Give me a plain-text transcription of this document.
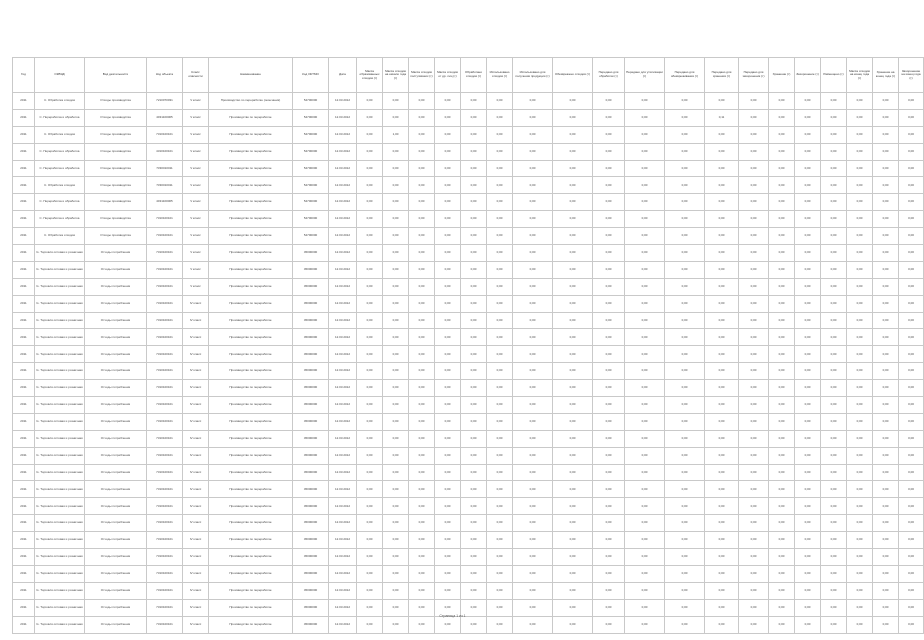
Год	ОКВЭД	Вид деятельности	Код объекта	Класс опасности	Наименование	Код ОКТМО	Дата	Масса образованных отходов (т)	Масса отходов на начало года (т)	Масса отходов поступивших (т)	Масса отходов от др. лиц (т)	Обработано отходов (т)	Использовано отходов (т)	Использовано для получения продукции (т)	Обезврежено отходов (т)	Передано для обработки (т)	Передано для утилизации (т)	Передано для обезвреживания (т)	Передано для хранения (т)	Передано для захоронения (т)	Хранение (т)	Захоронение (т)	Размещено (т)	Масса отходов на конец года (т)	Хранение на конец года (т)	Захоронение на конец года (т)
2011	С. Обработка отходов	Отходы производства	7210070031	V класс	Производство по переработке (окончания)	54700000	12.03.2012	0,00	0,00	0,00	0,00	0,00	0,00	0,00	0,00	0,00	0,00	0,00	0,00	0,00	0,00	0,00	0,00	0,00	0,00	0,00
2011	С. Переработка и обработка	Отходы производства	4031100005	V класс	Производство по переработке	54700000	12.03.2012	0,00	0,00	0,00	0,00	0,00	0,00	0,00	0,00	0,00	0,00	0,00	0,11	0,00	0,00	0,00	0,00	0,00	0,00	0,00
2011	С. Обработка отходов	Отходы производства	7310100101	V класс	Производство по переработке	54700000	12.03.2012	0,00	1,00	0,00	0,00	0,00	0,00	0,00	0,00	0,00	0,00	0,00	0,00	0,00	0,00	0,00	0,00	0,00	0,00	0,00
2011	С. Переработка и обработка	Отходы производства	4310100101	V класс	Производство по переработке	54700000	12.03.2012	0,00	0,00	0,00	0,00	0,00	0,00	0,00	0,00	0,00	0,00	0,00	0,00	0,00	0,00	0,00	0,00	0,00	0,00	0,00
2011	С. Переработка и обработка	Отходы производства	7330010011	V класс	Производство по переработке	54700000	12.03.2012	0,00	0,00	0,00	0,00	0,00	0,00	0,00	0,00	0,00	0,00	0,00	0,00	0,00	0,00	0,00	0,00	0,00	0,00	0,00
2011	С. Обработка отходов	Отходы производства	7330010011	V класс	Производство по переработке	54700000	12.03.2012	0,00	0,00	0,00	0,00	0,00	0,00	0,00	0,00	0,00	0,00	0,00	0,00	0,00	0,00	0,00	0,00	0,00	0,00	0,00
2011	С. Переработка и обработка	Отходы производства	4031100005	V класс	Производство по переработке	54700000	12.03.2012	0,00	0,00	0,00	0,00	0,00	0,00	0,00	0,00	0,00	0,00	0,00	0,00	0,00	0,00	0,00	0,00	0,00	0,00	0,00
2011	С. Переработка и обработка	Отходы производства	7310100101	V класс	Производство по переработке	54700000	12.03.2012	0,00	0,00	0,00	0,00	0,00	0,00	0,00	0,00	0,00	0,00	0,00	0,00	0,00	0,00	0,00	0,00	0,00	0,00	0,00
2011	С. Обработка отходов	Отходы производства	7310100101	V класс	Производство по переработке	54700000	12.03.2012	0,00	0,00	0,00	0,00	0,00	0,00	0,00	0,00	0,00	0,00	0,00	0,00	0,00	0,00	0,00	0,00	0,00	0,00	0,00
2011	G. Торговля оптовая и розничная	Отходы потребления	7310100101	V класс	Производство по переработке	45000000	12.03.2012	0,00	0,00	0,00	0,00	0,00	0,00	0,00	0,00	0,00	0,00	0,00	0,00	0,00	0,00	0,00	0,00	0,00	0,00	0,00
2011	G. Торговля оптовая и розничная	Отходы потребления	7310100101	V класс	Производство по переработке	45000000	12.03.2012	0,00	0,00	0,00	0,00	0,00	0,00	0,00	0,00	0,00	0,00	0,00	0,00	0,00	0,00	0,00	0,00	0,00	0,00	0,00
2011	G. Торговля оптовая и розничная	Отходы потребления	7310100101	V класс	Производство по переработке	45000000	12.03.2012	0,00	0,00	0,00	0,00	0,00	0,00	0,00	0,00	0,00	0,00	0,00	0,00	0,00	0,00	0,00	0,00	0,00	0,00	0,00
2011	G. Торговля оптовая и розничная	Отходы потребления	7310100101	IV класс	Производство по переработке	45000000	12.03.2012	0,00	0,00	0,00	0,00	0,00	0,00	0,00	0,00	0,00	0,00	0,00	0,00	0,00	0,00	0,00	0,00	0,00	0,00	0,00
2011	G. Торговля оптовая и розничная	Отходы потребления	7310100101	IV класс	Производство по переработке	45000000	12.03.2012	0,00	0,00	0,00	0,00	0,00	0,00	0,00	0,00	0,00	0,00	0,00	0,00	0,00	0,00	0,00	0,00	0,00	0,00	0,00
2011	G. Торговля оптовая и розничная	Отходы потребления	7310100101	IV класс	Производство по переработке	45000000	12.03.2012	0,00	0,00	0,00	0,00	0,00	0,00	0,00	0,00	0,00	0,00	0,00	0,00	0,00	0,00	0,00	0,00	0,00	0,00	0,00
2011	G. Торговля оптовая и розничная	Отходы потребления	7310100101	IV класс	Производство по переработке	45000000	12.03.2012	0,00	0,00	0,00	0,00	0,00	0,00	0,00	0,00	0,00	0,00	0,00	0,00	0,00	0,00	0,00	0,00	0,00	0,00	0,00
2011	G. Торговля оптовая и розничная	Отходы потребления	7310100101	IV класс	Производство по переработке	45000000	12.03.2012	0,00	0,00	0,00	0,00	0,00	0,00	0,00	0,00	0,00	0,00	0,00	0,00	0,00	0,00	0,00	0,00	0,00	0,00	0,00
2011	G. Торговля оптовая и розничная	Отходы потребления	7310100101	IV класс	Производство по переработке	45000000	12.03.2012	0,00	0,00	0,00	0,00	0,00	0,00	0,00	0,00	0,00	0,00	0,00	0,00	0,00	0,00	0,00	0,00	0,00	0,00	0,00
2011	G. Торговля оптовая и розничная	Отходы потребления	7310100101	IV класс	Производство по переработке	45000000	12.03.2012	0,00	0,00	0,00	0,00	0,00	0,00	0,00	0,00	0,00	0,00	0,00	0,00	0,00	0,00	0,00	0,00	0,00	0,00	0,00
2011	G. Торговля оптовая и розничная	Отходы потребления	7310100101	IV класс	Производство по переработке	45000000	12.03.2012	0,00	0,00	0,00	0,00	0,00	0,00	0,00	0,00	0,00	0,00	0,00	0,00	0,00	0,00	0,00	0,00	0,00	0,00	0,00
2011	G. Торговля оптовая и розничная	Отходы потребления	7310100101	IV класс	Производство по переработке	45000000	12.03.2012	0,00	0,00	0,00	0,00	0,00	0,00	0,00	0,00	0,00	0,00	0,00	0,00	0,00	0,00	0,00	0,00	0,00	0,00	0,00
2011	G. Торговля оптовая и розничная	Отходы потребления	7310100101	IV класс	Производство по переработке	45000000	12.03.2012	0,00	0,00	0,00	0,00	0,00	0,00	0,00	0,00	0,00	0,00	0,00	0,00	0,00	0,00	0,00	0,00	0,00	0,00	0,00
2011	G. Торговля оптовая и розничная	Отходы потребления	7310100101	IV класс	Производство по переработке	45000000	12.03.2012	0,00	0,00	0,00	0,00	0,00	0,00	0,00	0,00	0,00	0,00	0,00	0,00	0,00	0,00	0,00	0,00	0,00	0,00	0,00
2011	G. Торговля оптовая и розничная	Отходы потребления	7310100101	IV класс	Производство по переработке	45000000	12.03.2012	0,00	0,00	0,00	0,00	0,00	0,00	0,00	0,00	0,00	0,00	0,00	0,00	0,00	0,00	0,00	0,00	0,00	0,00	0,00
2011	G. Торговля оптовая и розничная	Отходы потребления	7310100101	IV класс	Производство по переработке	45000000	12.03.2012	0,00	0,00	0,00	0,00	0,00	0,00	0,00	0,00	0,00	0,00	0,00	0,00	0,00	0,00	0,00	0,00	0,00	0,00	0,00
2011	G. Торговля оптовая и розничная	Отходы потребления	7310100101	IV класс	Производство по переработке	45000000	12.03.2012	0,00	0,00	0,00	0,00	0,00	0,00	0,00	0,00	0,00	0,00	0,00	0,00	0,00	0,00	0,00	0,00	0,00	0,00	0,00
2011	G. Торговля оптовая и розничная	Отходы потребления	7310100101	IV класс	Производство по переработке	45000000	12.03.2012	0,00	0,00	0,00	0,00	0,00	0,00	0,00	0,00	0,00	0,00	0,00	0,00	0,00	0,00	0,00	0,00	0,00	0,00	0,00
2011	G. Торговля оптовая и розничная	Отходы потребления	7310100101	IV класс	Производство по переработке	45000000	12.03.2012	0,00	0,00	0,00	0,00	0,00	0,00	0,00	0,00	0,00	0,00	0,00	0,00	0,00	0,00	0,00	0,00	0,00	0,00	0,00
2011	G. Торговля оптовая и розничная	Отходы потребления	7310100101	IV класс	Производство по переработке	45000000	12.03.2012	0,00	0,00	0,00	0,00	0,00	0,00	0,00	0,00	0,00	0,00	0,00	0,00	0,00	0,00	0,00	0,00	0,00	0,00	0,00
2011	G. Торговля оптовая и розничная	Отходы потребления	7310100101	IV класс	Производство по переработке	45000000	12.03.2012	0,00	0,00	0,00	0,00	0,00	0,00	0,00	0,00	0,00	0,00	0,00	0,00	0,00	0,00	0,00	0,00	0,00	0,00	0,00
2011	G. Торговля оптовая и розничная	Отходы потребления	7310100101	IV класс	Производство по переработке	45000000	12.03.2012	0,00	0,00	0,00	0,00	0,00	0,00	0,00	0,00	0,00	0,00	0,00	0,00	0,00	0,00	0,00	0,00	0,00	0,00	0,00
2011	G. Торговля оптовая и розничная	Отходы потребления	7310100101	IV класс	Производство по переработке	45000000	12.03.2012	0,00	0,00	0,00	0,00	0,00	0,00	0,00	0,00	0,00	0,00	0,00	0,00	0,00	0,00	0,00	0,00	0,00	0,00	0,00
Страница 1 из 1
